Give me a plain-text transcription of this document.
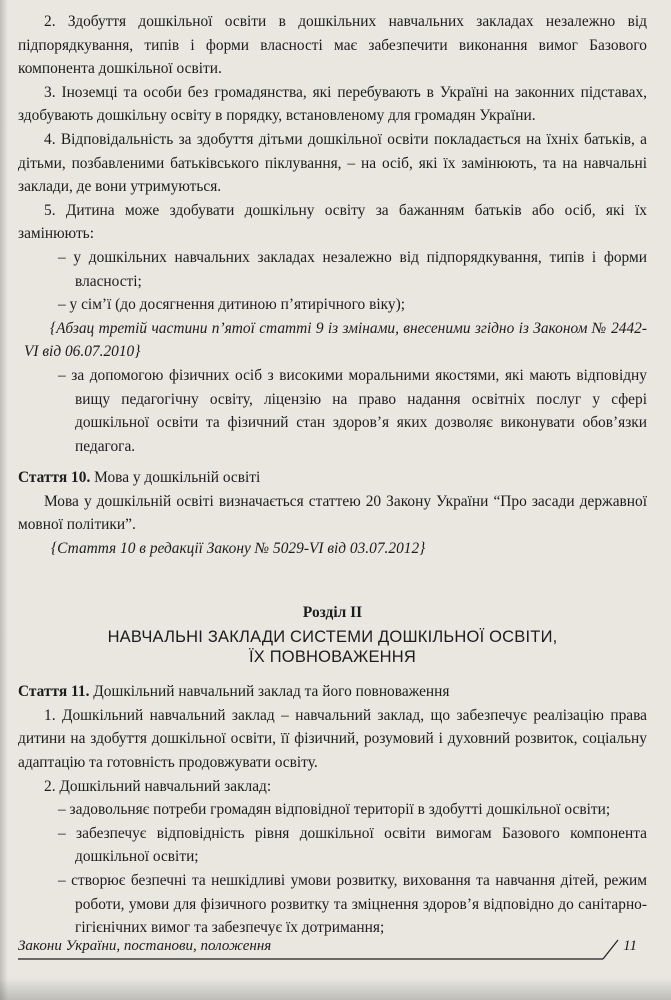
2. Здобуття дошкільної освіти в дошкільних навчальних закладах незалежно від підпорядкування, типів і форми власності має забезпечити виконання вимог Базового компонента дошкільної освіти.

3. Іноземці та особи без громадянства, які перебувають в Україні на законних підставах, здобувають дошкільну освіту в порядку, встановленому для громадян України.

4. Відповідальність за здобуття дітьми дошкільної освіти покладається на їхніх батьків, а дітьми, позбавленими батьківського піклування, – на осіб, які їх замінюють, та на навчальні заклади, де вони утримуються.

5. Дитина може здобувати дошкільну освіту за бажанням батьків або осіб, які їх замінюють:

– у дошкільних навчальних закладах незалежно від підпорядкування, типів і форми власності;

– у сім’ї (до досягнення дитиною п’ятирічного віку);

{Абзац третій частини п’ятої статті 9 із змінами, внесеними згідно із Законом № 2442-VI від 06.07.2010}

– за допомогою фізичних осіб з високими моральними якостями, які мають відповідну вищу педагогічну освіту, ліцензію на право надання освітніх послуг у сфері дошкільної освіти та фізичний стан здоров’я яких дозволяє виконувати обов’язки педагога.

Стаття 10. Мова у дошкільній освіті

Мова у дошкільній освіті визначається статтею 20 Закону України “Про засади державної мовної політики”.

{Стаття 10 в редакції Закону № 5029-VI від 03.07.2012}

Розділ ІІ
НАВЧАЛЬНІ ЗАКЛАДИ СИСТЕМИ ДОШКІЛЬНОЇ ОСВІТИ,
ЇХ ПОВНОВАЖЕННЯ

Стаття 11. Дошкільний навчальний заклад та його повноваження

1. Дошкільний навчальний заклад – навчальний заклад, що забезпечує реалізацію права дитини на здобуття дошкільної освіти, її фізичний, розумовий і духовний розвиток, соціальну адаптацію та готовність продовжувати освіту.

2. Дошкільний навчальний заклад:

– задовольняє потреби громадян відповідної території в здобутті дошкільної освіти;

– забезпечує відповідність рівня дошкільної освіти вимогам Базового компонента дошкільної освіти;

– створює безпечні та нешкідливі умови розвитку, виховання та навчання дітей, режим роботи, умови для фізичного розвитку та зміцнення здоров’я відповідно до санітарно-гігієнічних вимог та забезпечує їх дотримання;

Закони України, постанови, положення	11
